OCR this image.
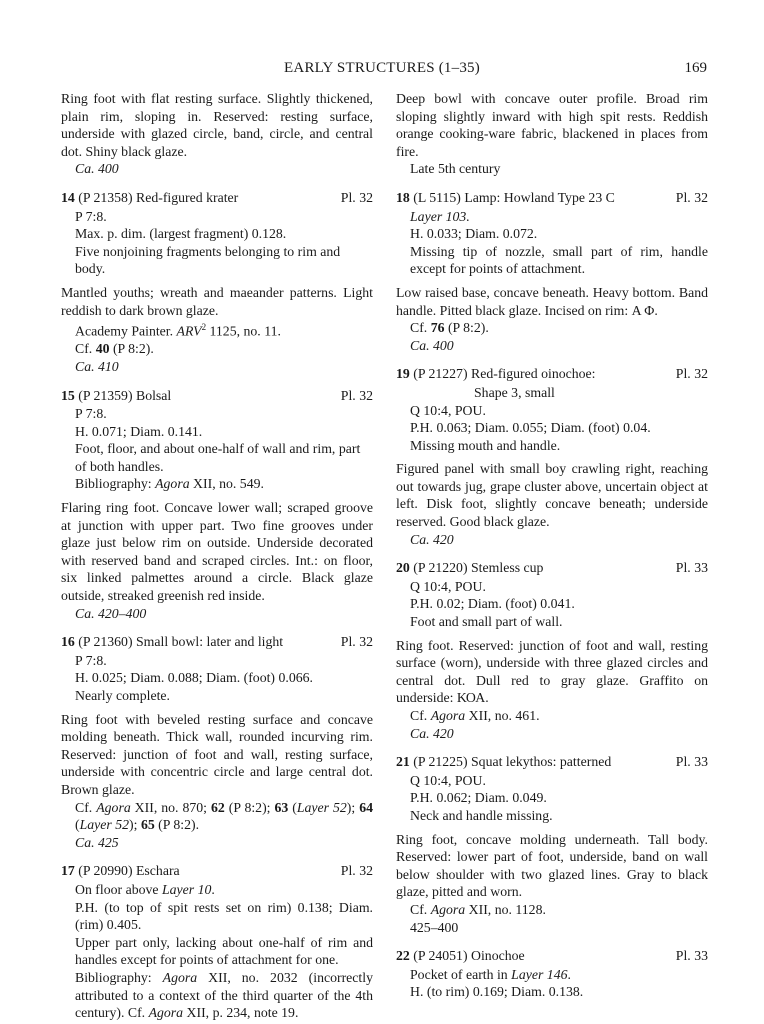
EARLY STRUCTURES (1–35)	169

Ring foot with flat resting surface. Slightly thickened, plain rim, sloping in. Reserved: resting surface, underside with glazed circle, band, circle, and central dot. Shiny black glaze.

Ca. 400

14 (P 21358) Red-figured krater	Pl. 32

P 7:8.

Max. p. dim. (largest fragment) 0.128.

Five nonjoining fragments belonging to rim and body.

Mantled youths; wreath and maeander patterns. Light reddish to dark brown glaze.

Academy Painter. ARV$^2$ 1125, no. 11.

Cf. 40 (P 8:2).

Ca. 410

15 (P 21359) Bolsal	Pl. 32

P 7:8.

H. 0.071; Diam. 0.141.

Foot, floor, and about one-half of wall and rim, part of both handles.

Bibliography: Agora XII, no. 549.

Flaring ring foot. Concave lower wall; scraped groove at junction with upper part. Two fine grooves under glaze just below rim on outside. Underside decorated with reserved band and scraped circles. Int.: on floor, six linked palmettes around a circle. Black glaze outside, streaked greenish red inside.

Ca. 420–400

16 (P 21360) Small bowl: later and light	Pl. 32

P 7:8.

H. 0.025; Diam. 0.088; Diam. (foot) 0.066.

Nearly complete.

Ring foot with beveled resting surface and concave molding beneath. Thick wall, rounded incurving rim. Reserved: junction of foot and wall, resting surface, underside with concentric circle and large central dot. Brown glaze.

Cf. Agora XII, no. 870; 62 (P 8:2); 63 (Layer 52); 64 (Layer 52); 65 (P 8:2).

Ca. 425

17 (P 20990) Eschara	Pl. 32

On floor above Layer 10.

P.H. (to top of spit rests set on rim) 0.138; Diam. (rim) 0.405.

Upper part only, lacking about one-half of rim and handles except for points of attachment for one.

Bibliography: Agora XII, no. 2032 (incorrectly attributed to a context of the third quarter of the 4th century). Cf. Agora XII, p. 234, note 19.

Deep bowl with concave outer profile. Broad rim sloping slightly inward with high spit rests. Reddish orange cooking-ware fabric, blackened in places from fire.

Late 5th century

18 (L 5115) Lamp: Howland Type 23 C	Pl. 32

Layer 103.

H. 0.033; Diam. 0.072.

Missing tip of nozzle, small part of rim, handle except for points of attachment.

Low raised base, concave beneath. Heavy bottom. Band handle. Pitted black glaze. Incised on rim: Α Φ.

Cf. 76 (P 8:2).

Ca. 400

19 (P 21227) Red-figured oinochoe:	Pl. 32

Shape 3, small

Q 10:4, POU.

P.H. 0.063; Diam. 0.055; Diam. (foot) 0.04.

Missing mouth and handle.

Figured panel with small boy crawling right, reaching out towards jug, grape cluster above, uncertain object at left. Disk foot, slightly concave beneath; underside reserved. Good black glaze.

Ca. 420

20 (P 21220) Stemless cup	Pl. 33

Q 10:4, POU.

P.H. 0.02; Diam. (foot) 0.041.

Foot and small part of wall.

Ring foot. Reserved: junction of foot and wall, resting surface (worn), underside with three glazed circles and central dot. Dull red to gray glaze. Graffito on underside: ΚΟΑ.

Cf. Agora XII, no. 461.

Ca. 420

21 (P 21225) Squat lekythos: patterned	Pl. 33

Q 10:4, POU.

P.H. 0.062; Diam. 0.049.

Neck and handle missing.

Ring foot, concave molding underneath. Tall body. Reserved: lower part of foot, underside, band on wall below shoulder with two glazed lines. Gray to black glaze, pitted and worn.

Cf. Agora XII, no. 1128.

425–400

22 (P 24051) Oinochoe	Pl. 33

Pocket of earth in Layer 146.

H. (to rim) 0.169; Diam. 0.138.
